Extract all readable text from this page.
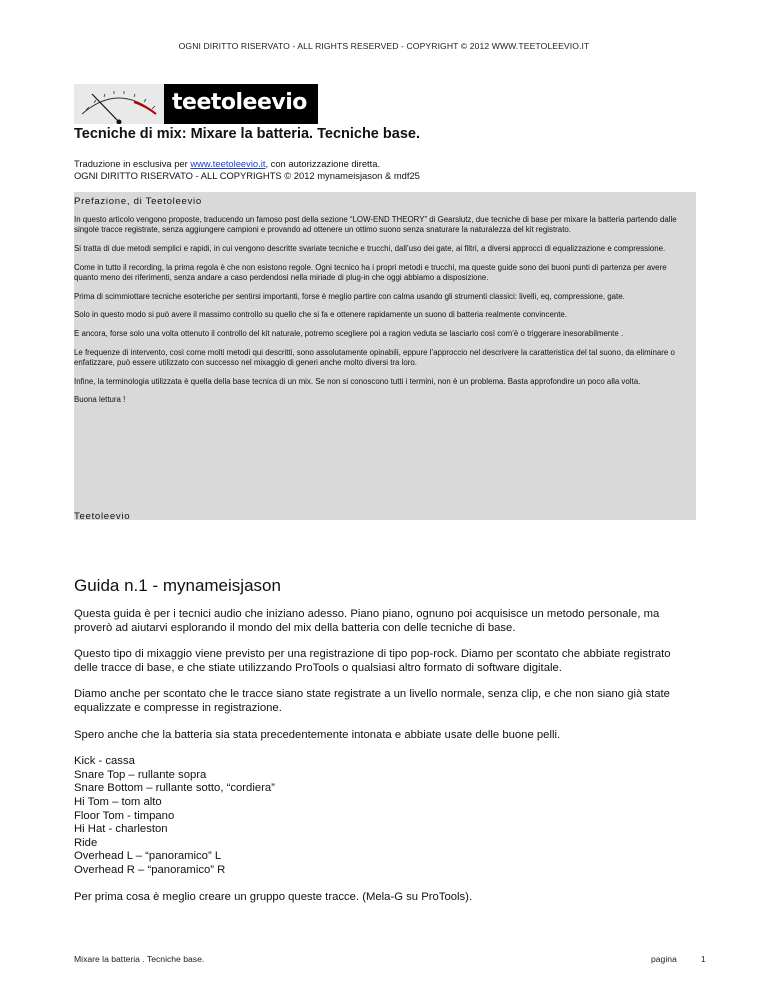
OGNI DIRITTO RISERVATO - ALL RIGHTS RESERVED - COPYRIGHT © 2012 WWW.TEETOLEEVIO.IT
teetoleevio
Tecniche di mix: Mixare la batteria. Tecniche base.
Traduzione in esclusiva per www.teetoleevio.it, con autorizzazione diretta.
OGNI DIRITTO RISERVATO - ALL COPYRIGHTS © 2012 mynameisjason & mdf25
Prefazione, di Teetoleevio

In questo articolo vengono proposte, traducendo un famoso post della sezione “LOW-END THEORY” di Gearslutz, due tecniche di base per mixare la batteria partendo dalle singole tracce registrate, senza aggiungere campioni e provando ad ottenere un ottimo suono senza snaturare la naturalezza del kit registrato.

Si tratta di due metodi semplici e rapidi, in cui vengono descritte svariate tecniche e trucchi, dall’uso dei gate, ai filtri, a diversi approcci di equalizzazione e compressione.

Come in tutto il recording, la prima regola è che non esistono regole. Ogni tecnico ha i propri metodi e trucchi, ma queste guide sono dei buoni punti di partenza per avere quanto meno dei riferimenti, senza andare a caso perdendosi nella miriade di plug-in che oggi abbiamo a disposizione.

Prima di scimmiottare tecniche esoteriche per sentirsi importanti, forse è meglio partire con calma usando gli strumenti classici: livelli, eq, compressione, gate.

Solo in questo modo si può avere il massimo controllo su quello che si fa e ottenere rapidamente un suono di batteria realmente convincente.

E ancora, forse solo una volta ottenuto il controllo del kit naturale, potremo scegliere poi a ragion veduta se lasciarlo così com’è o triggerare inesorabilmente .

Le frequenze di intervento, così come molti metodi qui descritti, sono assolutamente opinabili, eppure l’approccio nel descrivere la caratteristica del tal suono, da eliminare o enfatizzare, può essere utilizzato con successo nel mixaggio di generi anche molto diversi tra loro.

Infine, la terminologia utilizzata è quella della base tecnica di un mix. Se non si conoscono tutti i termini, non è un problema. Basta approfondire un poco alla volta.

Buona lettura !

Teetoleevio
Guida n.1 - mynameisjason

Questa guida è per i tecnici audio che iniziano adesso. Piano piano, ognuno poi acquisisce un metodo personale, ma proverò ad aiutarvi esplorando il mondo del mix della batteria con delle tecniche di base.

Questo tipo di mixaggio viene previsto per una registrazione di tipo pop-rock. Diamo per scontato che abbiate registrato delle tracce di base, e che stiate utilizzando ProTools o qualsiasi altro formato di software digitale.

Diamo anche per scontato che le tracce siano state registrate a un livello normale, senza clip, e che non siano già state equalizzate e compresse in registrazione.

Spero anche che la batteria sia stata precedentemente intonata e abbiate usate delle buone pelli.

Kick - cassa
Snare Top – rullante sopra
Snare Bottom – rullante sotto, “cordiera”
Hi Tom – tom alto
Floor Tom - timpano
Hi Hat - charleston
Ride
Overhead L – “panoramico” L
Overhead R – “panoramico” R

Per prima cosa è meglio creare un gruppo queste tracce. (Mela-G su ProTools).

Mixare la batteria . Tecniche base.	pagina	1
